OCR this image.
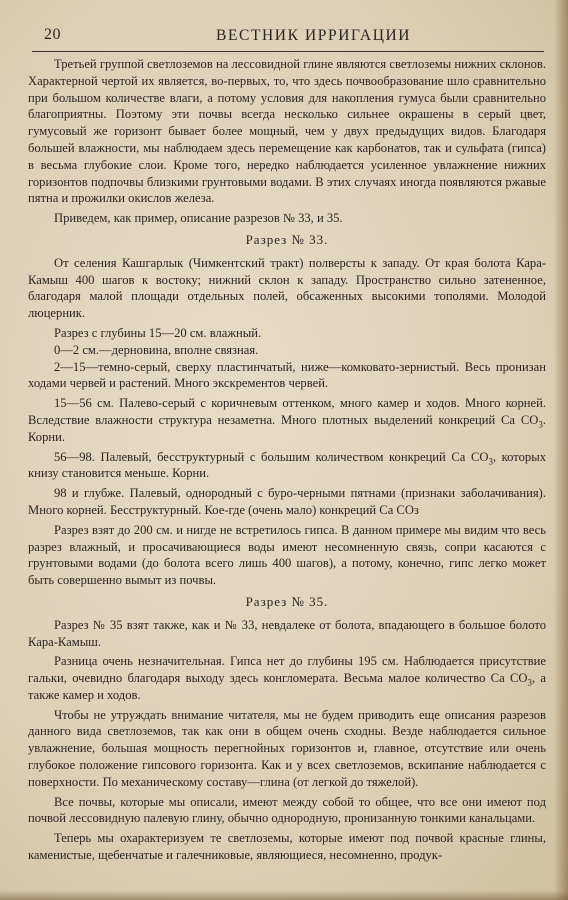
20	ВЕСТНИК ИРРИГАЦИИ

Третьей группой светлоземов на лессовидной глине являются светлоземы нижних склонов. Характерной чертой их является, во-первых, то, что здесь почвообразование шло сравнительно при большом количестве влаги, а потому условия для накопления гумуса были сравнительно благоприятны. Поэтому эти почвы всегда несколько сильнее окрашены в серый цвет, гумусовый же горизонт бывает более мощный, чем у двух предыдущих видов. Благодаря большей влажности, мы наблюдаем здесь перемещение как карбонатов, так и сульфата (гипса) в весьма глубокие слои. Кроме того, нередко наблюдается усиленное увлажнение нижних горизонтов подпочвы близкими грунтовыми водами. В этих случаях иногда появляются ржавые пятна и прожилки окислов железа.

Приведем, как пример, описание разрезов № 33, и 35.

Разрез № 33.

От селения Кашгарлык (Чимкентский тракт) полверсты к западу. От края болота Кара-Камыш 400 шагов к востоку; нижний склон к западу. Пространство сильно затененное, благодаря малой площади отдельных полей, обсаженных высокими тополями. Молодой люцерник.

Разрез с глубины 15—20 см. влажный.

0—2 см.—дерновина, вполне связная.

2—15—темно-серый, сверху пластинчатый, ниже—комковато-зернистый. Весь пронизан ходами червей и растений. Много экскрементов червей.

15—56 см. Палево-серый с коричневым оттенком, много камер и ходов. Много корней. Вследствие влажности структура незаметна. Много плотных выделений конкреций Са $СО_3$. Корни.

56—98. Палевый, бесструктурный с большим количеством конкреций Са $СО_3$, которых книзу становится меньше. Корни.

98 и глубже. Палевый, однородный с буро-черными пятнами (признаки заболачивания). Много корней. Бесструктурный. Кое-где (очень мало) конкреций Са СОз

Разрез взят до 200 см. и нигде не встретилось гипса. В данном примере мы видим что весь разрез влажный, и просачивающиеся воды имеют несомненную связь, сопри касаются с грунтовыми водами (до болота всего лишь 400 шагов), а потому, конечно, гипс легко может быть совершенно вымыт из почвы.

Разрез № 35.

Разрез № 35 взят также, как и № 33, невдалеке от болота, впадающего в большое болото Кара-Камыш.

Разница очень незначительная. Гипса нет до глубины 195 см. Наблюдается присутствие гальки, очевидно благодаря выходу здесь конгломерата. Весьма малое количество Са $СО_3$, а также камер и ходов.

Чтобы не утруждать внимание читателя, мы не будем приводить еще описания разрезов данного вида светлоземов, так как они в общем очень сходны. Везде наблюдается сильное увлажнение, большая мощность перегнойных горизонтов и, главное, отсутствие или очень глубокое положение гипсового горизонта. Как и у всех светлоземов, вскипание наблюдается с поверхности. По механическому составу—глина (от легкой до тяжелой).

Все почвы, которые мы описали, имеют между собой то общее, что все они имеют под почвой лессовидную палевую глину, обычно однородную, пронизанную тонкими канальцами.

Теперь мы охарактеризуем те светлоземы, которые имеют под почвой красные глины, каменистые, щебенчатые и галечниковые, являющиеся, несомненно, продук-
